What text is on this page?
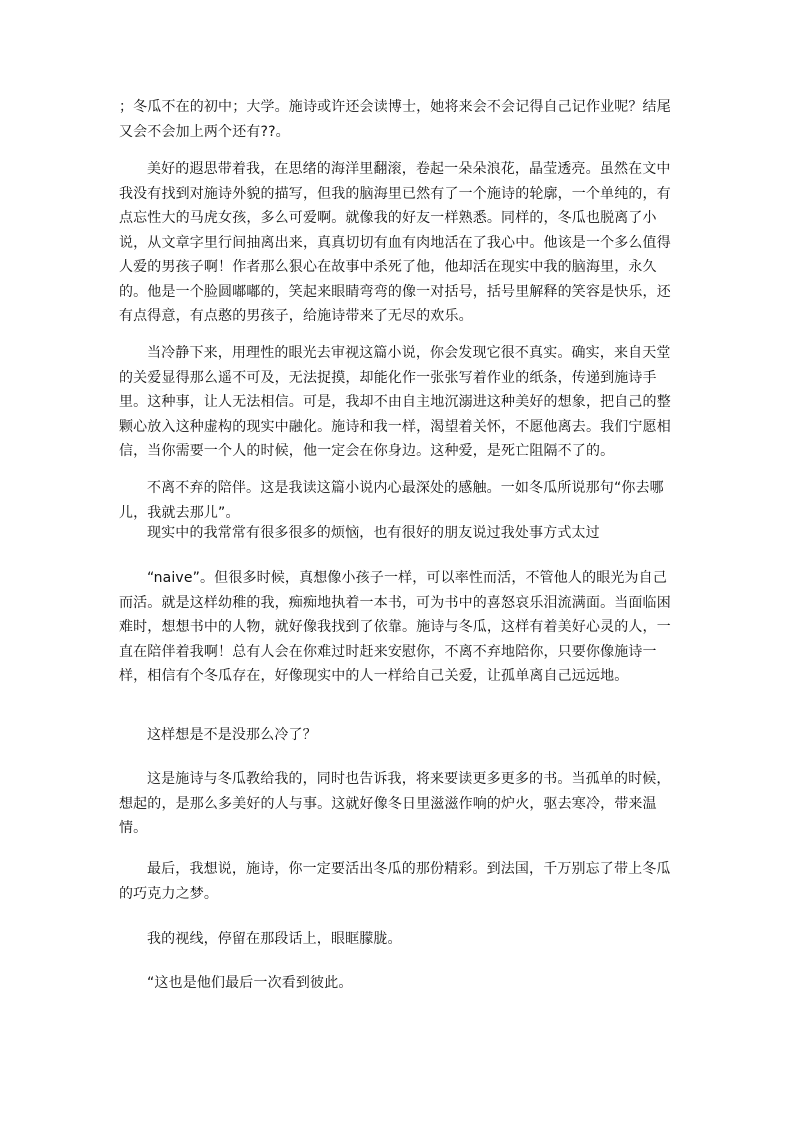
；冬瓜不在的初中；大学。施诗或许还会读博士，她将来会不会记得自己记作业呢？结尾又会不会加上两个还有??。

美好的遐思带着我，在思绪的海洋里翻滚，卷起一朵朵浪花，晶莹透亮。虽然在文中我没有找到对施诗外貌的描写，但我的脑海里已然有了一个施诗的轮廓，一个单纯的，有点忘性大的马虎女孩，多么可爱啊。就像我的好友一样熟悉。同样的，冬瓜也脱离了小说，从文章字里行间抽离出来，真真切切有血有肉地活在了我心中。他该是一个多么值得人爱的男孩子啊！作者那么狠心在故事中杀死了他，他却活在现实中我的脑海里，永久的。他是一个脸圆嘟嘟的，笑起来眼睛弯弯的像一对括号，括号里解释的笑容是快乐，还有点得意，有点憨的男孩子，给施诗带来了无尽的欢乐。

当冷静下来，用理性的眼光去审视这篇小说，你会发现它很不真实。确实，来自天堂的关爱显得那么遥不可及，无法捉摸，却能化作一张张写着作业的纸条，传递到施诗手里。这种事，让人无法相信。可是，我却不由自主地沉溺进这种美好的想象，把自己的整颗心放入这种虚构的现实中融化。施诗和我一样，渴望着关怀，不愿他离去。我们宁愿相信，当你需要一个人的时候，他一定会在你身边。这种爱，是死亡阻隔不了的。

不离不弃的陪伴。这是我读这篇小说内心最深处的感触。一如冬瓜所说那句“你去哪儿，我就去那儿”。

现实中的我常常有很多很多的烦恼，也有很好的朋友说过我处事方式太过

“naive”。但很多时候，真想像小孩子一样，可以率性而活，不管他人的眼光为自己而活。就是这样幼稚的我，痴痴地执着一本书，可为书中的喜怒哀乐泪流满面。当面临困难时，想想书中的人物，就好像我找到了依靠。施诗与冬瓜，这样有着美好心灵的人，一直在陪伴着我啊！总有人会在你难过时赶来安慰你，不离不弃地陪你，只要你像施诗一样，相信有个冬瓜存在，好像现实中的人一样给自己关爱，让孤单离自己远远地。

这样想是不是没那么冷了？

这是施诗与冬瓜教给我的，同时也告诉我，将来要读更多更多的书。当孤单的时候，想起的，是那么多美好的人与事。这就好像冬日里滋滋作响的炉火，驱去寒冷，带来温情。

最后，我想说，施诗，你一定要活出冬瓜的那份精彩。到法国，千万别忘了带上冬瓜的巧克力之梦。

我的视线，停留在那段话上，眼眶朦胧。

“这也是他们最后一次看到彼此。
